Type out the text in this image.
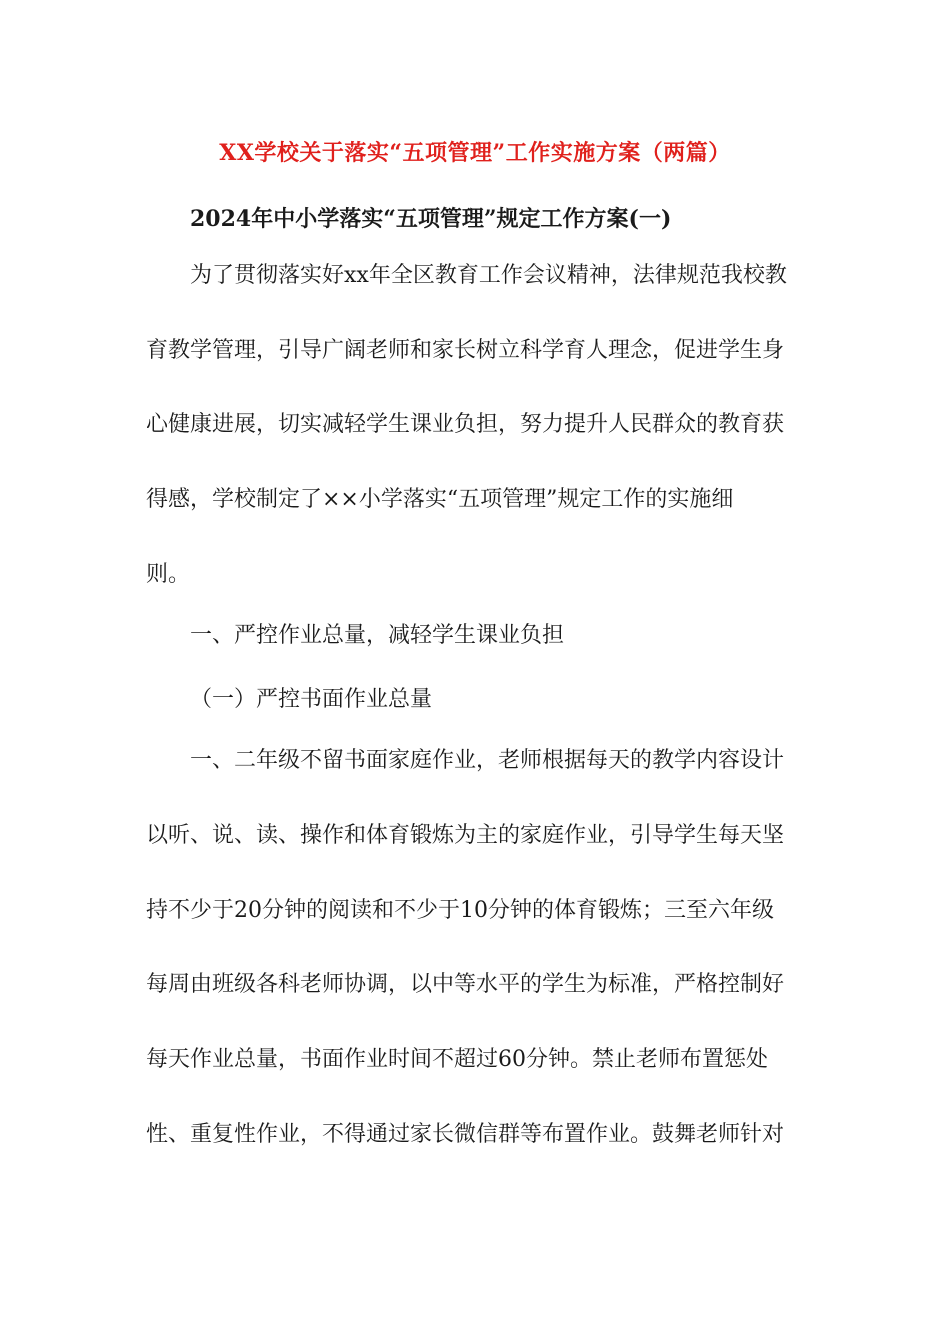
XX学校关于落实“五项管理”工作实施方案（两篇）
2024年中小学落实“五项管理”规定工作方案(一)
为了贯彻落实好xx年全区教育工作会议精神，法律规范我校教
育教学管理，引导广阔老师和家长树立科学育人理念，促进学生身
心健康进展，切实减轻学生课业负担，努力提升人民群众的教育获
得感，学校制定了××小学落实“五项管理”规定工作的实施细
则。
一、严控作业总量，减轻学生课业负担
（一）严控书面作业总量
一、二年级不留书面家庭作业，老师根据每天的教学内容设计
以听、说、读、操作和体育锻炼为主的家庭作业，引导学生每天坚
持不少于20分钟的阅读和不少于10分钟的体育锻炼；三至六年级
每周由班级各科老师协调，以中等水平的学生为标准，严格控制好
每天作业总量，书面作业时间不超过60分钟。禁止老师布置惩处
性、重复性作业，不得通过家长微信群等布置作业。鼓舞老师针对
